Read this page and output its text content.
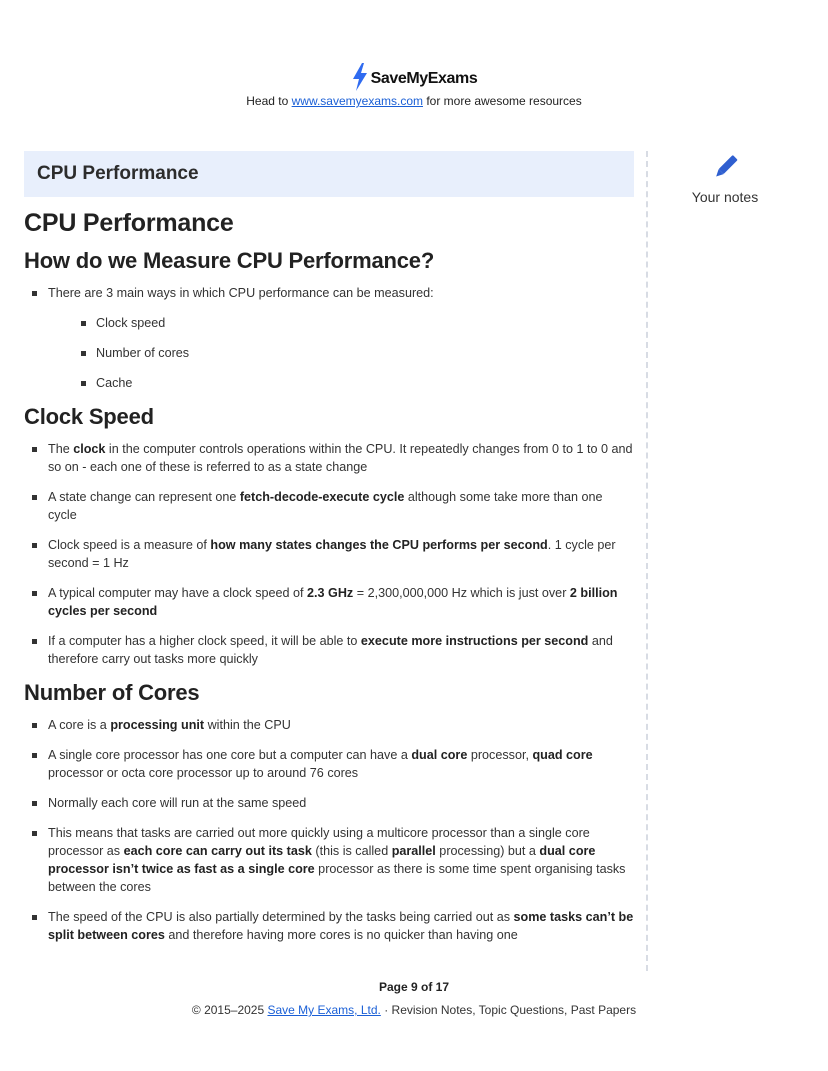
SaveMyExams
Head to www.savemyexams.com for more awesome resources
CPU Performance
CPU Performance
How do we Measure CPU Performance?
There are 3 main ways in which CPU performance can be measured:
Clock speed
Number of cores
Cache
Clock Speed
The clock in the computer controls operations within the CPU. It repeatedly changes from 0 to 1 to 0 and so on - each one of these is referred to as a state change
A state change can represent one fetch-decode-execute cycle although some take more than one cycle
Clock speed is a measure of how many states changes the CPU performs per second. 1 cycle per second = 1 Hz
A typical computer may have a clock speed of 2.3 GHz = 2,300,000,000 Hz which is just over 2 billion cycles per second
If a computer has a higher clock speed, it will be able to execute more instructions per second and therefore carry out tasks more quickly
Number of Cores
A core is a processing unit within the CPU
A single core processor has one core but a computer can have a dual core processor, quad core processor or octa core processor up to around 76 cores
Normally each core will run at the same speed
This means that tasks are carried out more quickly using a multicore processor than a single core processor as each core can carry out its task (this is called parallel processing) but a dual core processor isn’t twice as fast as a single core processor as there is some time spent organising tasks between the cores
The speed of the CPU is also partially determined by the tasks being carried out as some tasks can’t be split between cores and therefore having more cores is no quicker than having one
Your notes
Page 9 of 17
© 2015–2025 Save My Exams, Ltd. · Revision Notes, Topic Questions, Past Papers
